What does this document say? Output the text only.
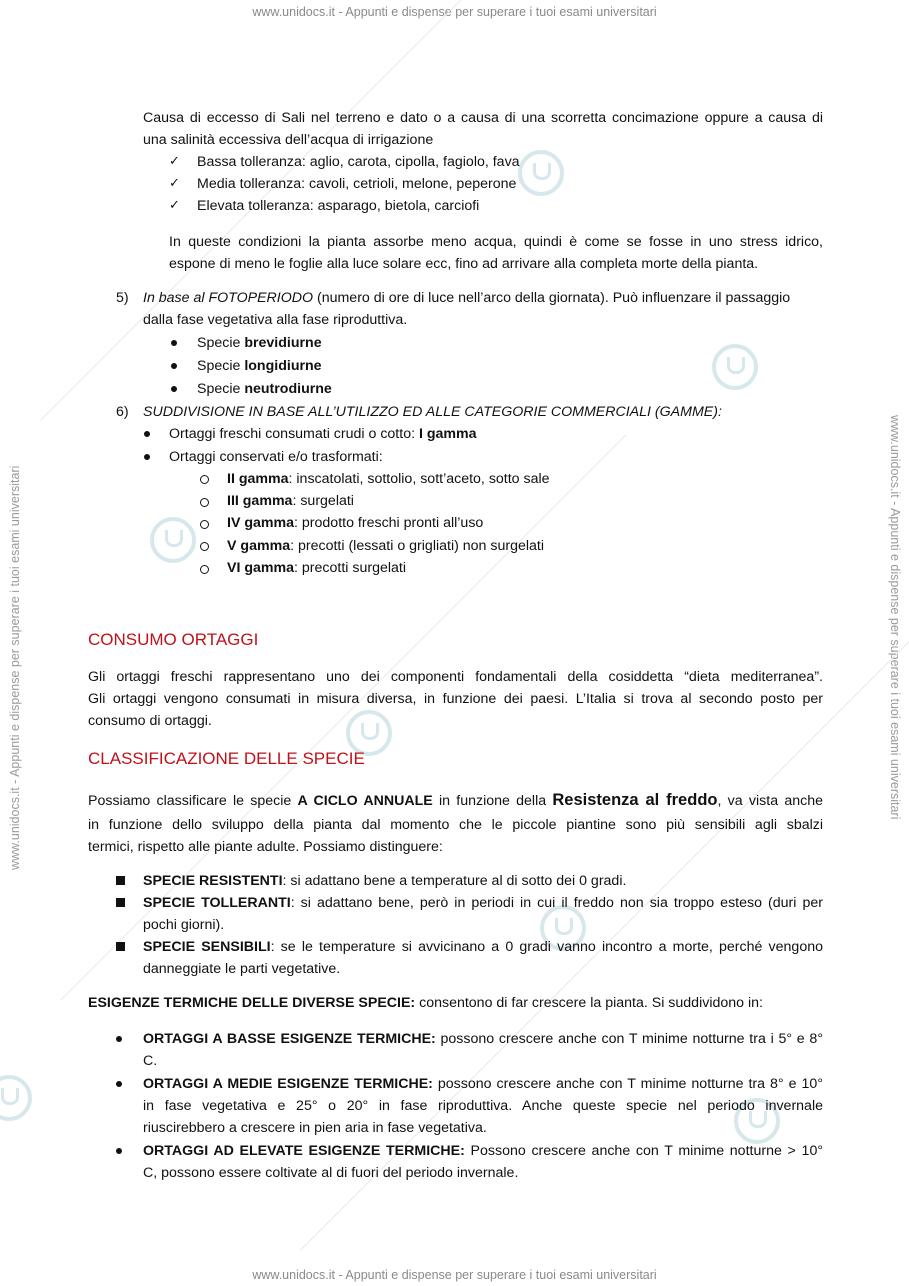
www.unidocs.it - Appunti e dispense per superare i tuoi esami universitari
www.unidocs.it - Appunti e dispense per superare i tuoi esami universitari
www.unidocs.it - Appunti e dispense per superare i tuoi esami universitari	www.unidocs.it - Appunti e dispense per superare i tuoi esami universitari
Causa di eccesso di Sali nel terreno e dato o a causa di una scorretta concimazione oppure a causa di
una salinità eccessiva dell’acqua di irrigazione
✓ Bassa tolleranza: aglio, carota, cipolla, fagiolo, fava
✓ Media tolleranza: cavoli, cetrioli, melone, peperone
✓ Elevata tolleranza: asparago, bietola, carciofi
In queste condizioni la pianta assorbe meno acqua, quindi è come se fosse in uno stress idrico,
espone di meno le foglie alla luce solare ecc, fino ad arrivare alla completa morte della pianta.
5) In base al FOTOPERIODO (numero di ore di luce nell’arco della giornata). Può influenzare il passaggio
dalla fase vegetativa alla fase riproduttiva.
Specie brevidiurne
Specie longidiurne
Specie neutrodiurne
6) SUDDIVISIONE IN BASE ALL’UTILIZZO ED ALLE CATEGORIE COMMERCIALI (GAMME):
Ortaggi freschi consumati crudi o cotto: I gamma
Ortaggi conservati e/o trasformati:
II gamma: inscatolati, sottolio, sott’aceto, sotto sale
III gamma: surgelati
IV gamma: prodotto freschi pronti all’uso
V gamma: precotti (lessati o grigliati) non surgelati
VI gamma: precotti surgelati
CONSUMO ORTAGGI
Gli ortaggi freschi rappresentano uno dei componenti fondamentali della cosiddetta “dieta mediterranea”.
Gli ortaggi vengono consumati in misura diversa, in funzione dei paesi. L’Italia si trova al secondo posto per
consumo di ortaggi.
CLASSIFICAZIONE DELLE SPECIE
Possiamo classificare le specie A CICLO ANNUALE in funzione della Resistenza al freddo, va vista anche
in funzione dello sviluppo della pianta dal momento che le piccole piantine sono più sensibili agli sbalzi
termici, rispetto alle piante adulte. Possiamo distinguere:
SPECIE RESISTENTI: si adattano bene a temperature al di sotto dei 0 gradi.
SPECIE TOLLERANTI: si adattano bene, però in periodi in cui il freddo non sia troppo esteso (duri per
pochi giorni).
SPECIE SENSIBILI: se le temperature si avvicinano a 0 gradi vanno incontro a morte, perché vengono
danneggiate le parti vegetative.
ESIGENZE TERMICHE DELLE DIVERSE SPECIE: consentono di far crescere la pianta. Si suddividono in:
ORTAGGI A BASSE ESIGENZE TERMICHE: possono crescere anche con T minime notturne tra i 5° e 8°
C.
ORTAGGI A MEDIE ESIGENZE TERMICHE: possono crescere anche con T minime notturne tra 8° e 10°
in fase vegetativa e 25° o 20° in fase riproduttiva. Anche queste specie nel periodo invernale
riuscirebbero a crescere in pien aria in fase vegetativa.
ORTAGGI AD ELEVATE ESIGENZE TERMICHE: Possono crescere anche con T minime notturne > 10°
C, possono essere coltivate al di fuori del periodo invernale.
